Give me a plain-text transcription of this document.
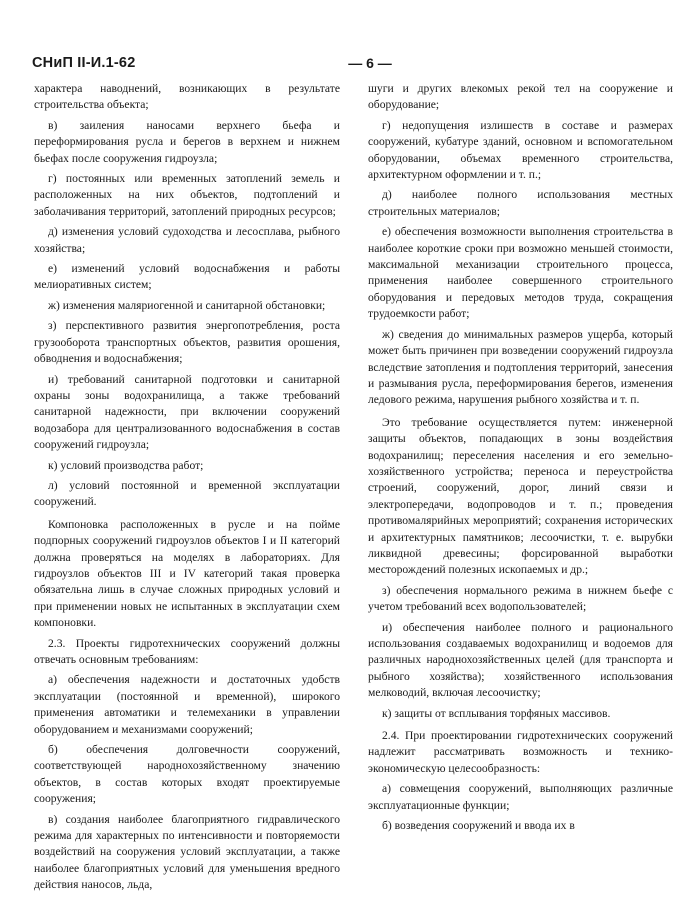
СНиП II-И.1-62	— 6 —

характера наводнений, возникающих в результате строительства объекта;

в) заиления наносами верхнего бьефа и переформирования русла и берегов в верхнем и нижнем бьефах после сооружения гидроузла;

г) постоянных или временных затоплений земель и расположенных на них объектов, подтоплений и заболачивания территорий, затоплений природных ресурсов;

д) изменения условий судоходства и лесосплава, рыбного хозяйства;

е) изменений условий водоснабжения и работы мелиоративных систем;

ж) изменения маляриогенной и санитарной обстановки;

з) перспективного развития энергопотребления, роста грузооборота транспортных объектов, развития орошения, обводнения и водоснабжения;

и) требований санитарной подготовки и санитарной охраны зоны водохранилища, а также требований санитарной надежности, при включении сооружений водозабора для централизованного водоснабжения в состав сооружений гидроузла;

к) условий производства работ;

л) условий постоянной и временной эксплуатации сооружений.

Компоновка расположенных в русле и на пойме подпорных сооружений гидроузлов объектов I и II категорий должна проверяться на моделях в лабораториях. Для гидроузлов объектов III и IV категорий такая проверка обязательна лишь в случае сложных природных условий и при применении новых не испытанных в эксплуатации схем компоновки.

2.3. Проекты гидротехнических сооружений должны отвечать основным требованиям:

а) обеспечения надежности и достаточных удобств эксплуатации (постоянной и временной), широкого применения автоматики и телемеханики в управлении оборудованием и механизмами сооружений;

б) обеспечения долговечности сооружений, соответствующей народнохозяйственному значению объектов, в состав которых входят проектируемые сооружения;

в) создания наиболее благоприятного гидравлического режима для характерных по интенсивности и повторяемости воздействий на сооружения условий эксплуатации, а также наиболее благоприятных условий для уменьшения вредного действия наносов, льда,

шуги и других влекомых рекой тел на сооружение и оборудование;

г) недопущения излишеств в составе и размерах сооружений, кубатуре зданий, основном и вспомогательном оборудовании, объемах временного строительства, архитектурном оформлении и т. п.;

д) наиболее полного использования местных строительных материалов;

е) обеспечения возможности выполнения строительства в наиболее короткие сроки при возможно меньшей стоимости, максимальной механизации строительного процесса, применения наиболее совершенного строительного оборудования и передовых методов труда, сокращения трудоемкости работ;

ж) сведения до минимальных размеров ущерба, который может быть причинен при возведении сооружений гидроузла вследствие затопления и подтопления территорий, занесения и размывания русла, переформирования берегов, изменения ледового режима, нарушения рыбного хозяйства и т. п.

Это требование осуществляется путем: инженерной защиты объектов, попадающих в зоны воздействия водохранилищ; переселения населения и его земельно-хозяйственного устройства; переноса и переустройства строений, сооружений, дорог, линий связи и электропередачи, водопроводов и т. п.; проведения противомалярийных мероприятий; сохранения исторических и архитектурных памятников; лесоочистки, т. е. вырубки ликвидной древесины; форсированной выработки месторождений полезных ископаемых и др.;

з) обеспечения нормального режима в нижнем бьефе с учетом требований всех водопользователей;

и) обеспечения наиболее полного и рационального использования создаваемых водохранилищ и водоемов для различных народнохозяйственных целей (для транспорта и рыбного хозяйства); хозяйственного использования мелководий, включая лесоочистку;

к) защиты от всплывания торфяных массивов.

2.4. При проектировании гидротехнических сооружений надлежит рассматривать возможность и технико-экономическую целесообразность:

а) совмещения сооружений, выполняющих различные эксплуатационные функции;

б) возведения сооружений и ввода их в
